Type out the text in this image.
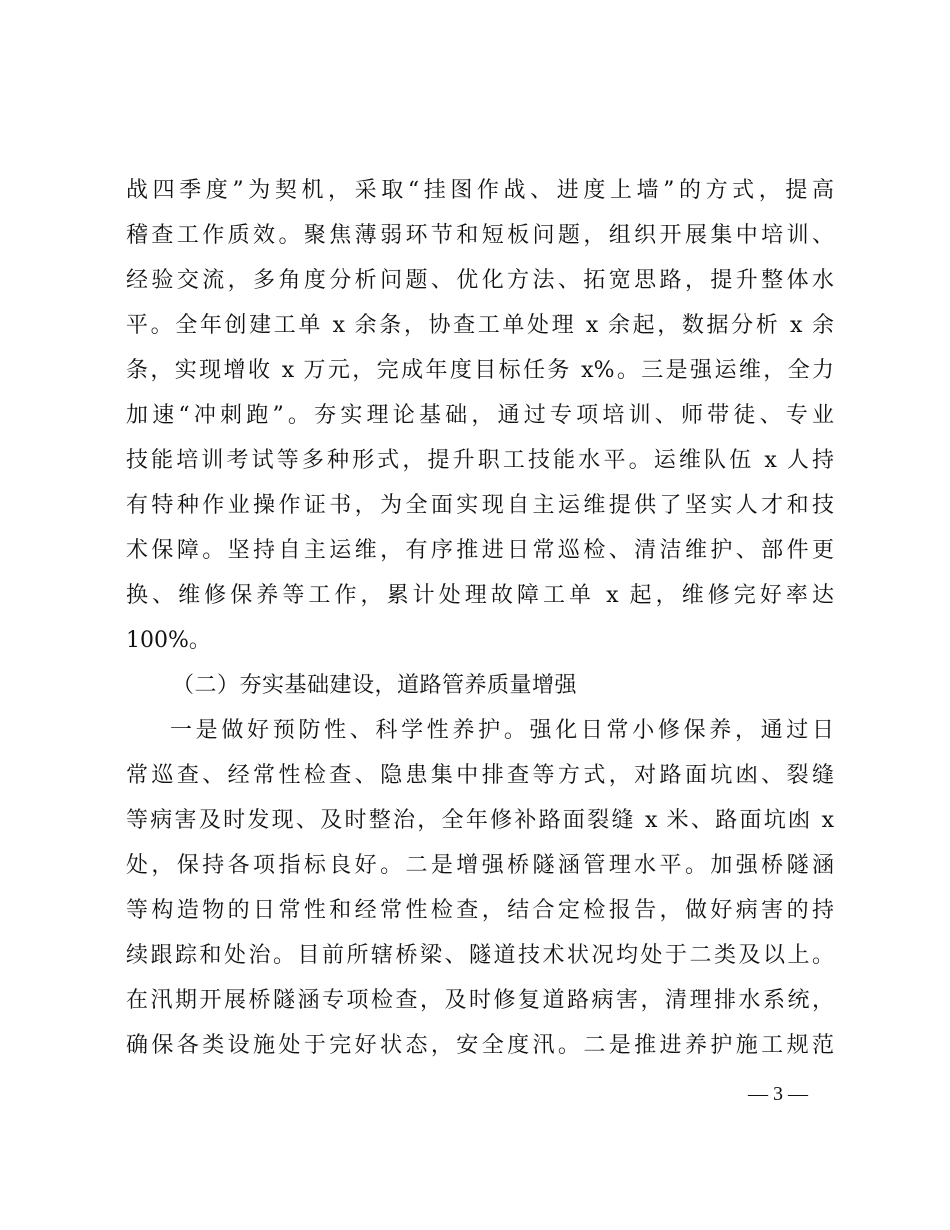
战四季度”为契机，采取“挂图作战、进度上墙”的方式，提高
稽查工作质效。聚焦薄弱环节和短板问题，组织开展集中培训、
经验交流，多角度分析问题、优化方法、拓宽思路，提升整体水
平。全年创建工单 x 余条，协查工单处理 x 余起，数据分析 x 余
条，实现增收 x 万元，完成年度目标任务 x%。三是强运维，全力
加速“冲刺跑”。夯实理论基础，通过专项培训、师带徒、专业
技能培训考试等多种形式，提升职工技能水平。运维队伍 x 人持
有特种作业操作证书，为全面实现自主运维提供了坚实人才和技
术保障。坚持自主运维，有序推进日常巡检、清洁维护、部件更
换、维修保养等工作，累计处理故障工单 x 起，维修完好率达
100%。
（二）夯实基础建设，道路管养质量增强
一是做好预防性、科学性养护。强化日常小修保养，通过日
常巡查、经常性检查、隐患集中排查等方式，对路面坑凼、裂缝
等病害及时发现、及时整治，全年修补路面裂缝 x 米、路面坑凼 x
处，保持各项指标良好。二是增强桥隧涵管理水平。加强桥隧涵
等构造物的日常性和经常性检查，结合定检报告，做好病害的持
续跟踪和处治。目前所辖桥梁、隧道技术状况均处于二类及以上。
在汛期开展桥隧涵专项检查，及时修复道路病害，清理排水系统，
确保各类设施处于完好状态，安全度汛。二是推进养护施工规范
— 3 —
